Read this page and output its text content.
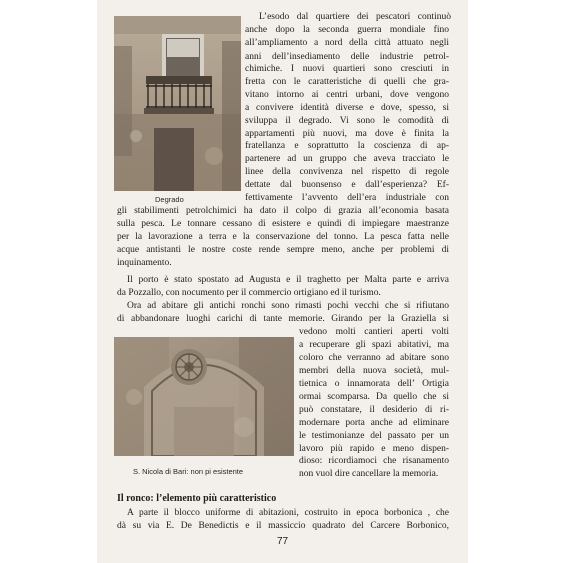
Degrado
S. Nicola di Bari: non pi esistente
L’esodo dal quartiere dei pescatori continuò
anche dopo la seconda guerra mondiale fino
all’ampliamento a nord della città attuato negli
anni dell’insediamento delle industrie petrol-
chimiche. I nuovi quartieri sono cresciuti in
fretta con le caratteristiche di quelli che gra-
vitano intorno ai centri urbani, dove vengono
a convivere identità diverse e dove, spesso, si
sviluppa il degrado. Vi sono le comodità di
appartamenti più nuovi, ma dove è finita la
fratellanza e soprattutto la coscienza di ap-
partenere ad un gruppo che aveva tracciato le
linee della convivenza nel rispetto di regole
dettate dal buonsenso e dall’esperienza? Ef-
fettivamente l’avvento dell’era industriale con
gli stabilimenti petrolchimici ha dato il colpo di grazia all’economia basata
sulla pesca. Le tonnare cessano di esistere e quindi di impiegare maestranze
per la lavorazione a terra e la conservazione del tonno. La pesca fatta nelle
acque antistanti le nostre coste rende sempre meno, anche per problemi di
inquinamento.
Il porto è stato spostato ad Augusta e il traghetto per Malta parte e arriva
da Pozzallo, con nocumento per il commercio ortigiano ed il turismo.
Ora ad abitare gli antichi ronchi sono rimasti pochi vecchi che si rifiutano
di abbandonare luoghi carichi di tante memorie. Girando per la Graziella si
vedono molti cantieri aperti volti
a recuperare gli spazi abitativi, ma
coloro che verranno ad abitare sono
membri della nuova società, mul-
tietnica o innamorata dell’ Ortigia
ormai scomparsa. Da quello che si
può constatare, il desiderio di ri-
modernare porta anche ad eliminare
le testimonianze del passato per un
lavoro più rapido e meno dispen-
dioso: ricordiamoci che risanamento
non vuol dire cancellare la memoria.
Il ronco: l’elemento più caratteristico
A parte il blocco uniforme di abitazioni, costruito in epoca borbonica , che
dà su via E. De Benedictis e il massiccio quadrato del Carcere Borbonico,
77
